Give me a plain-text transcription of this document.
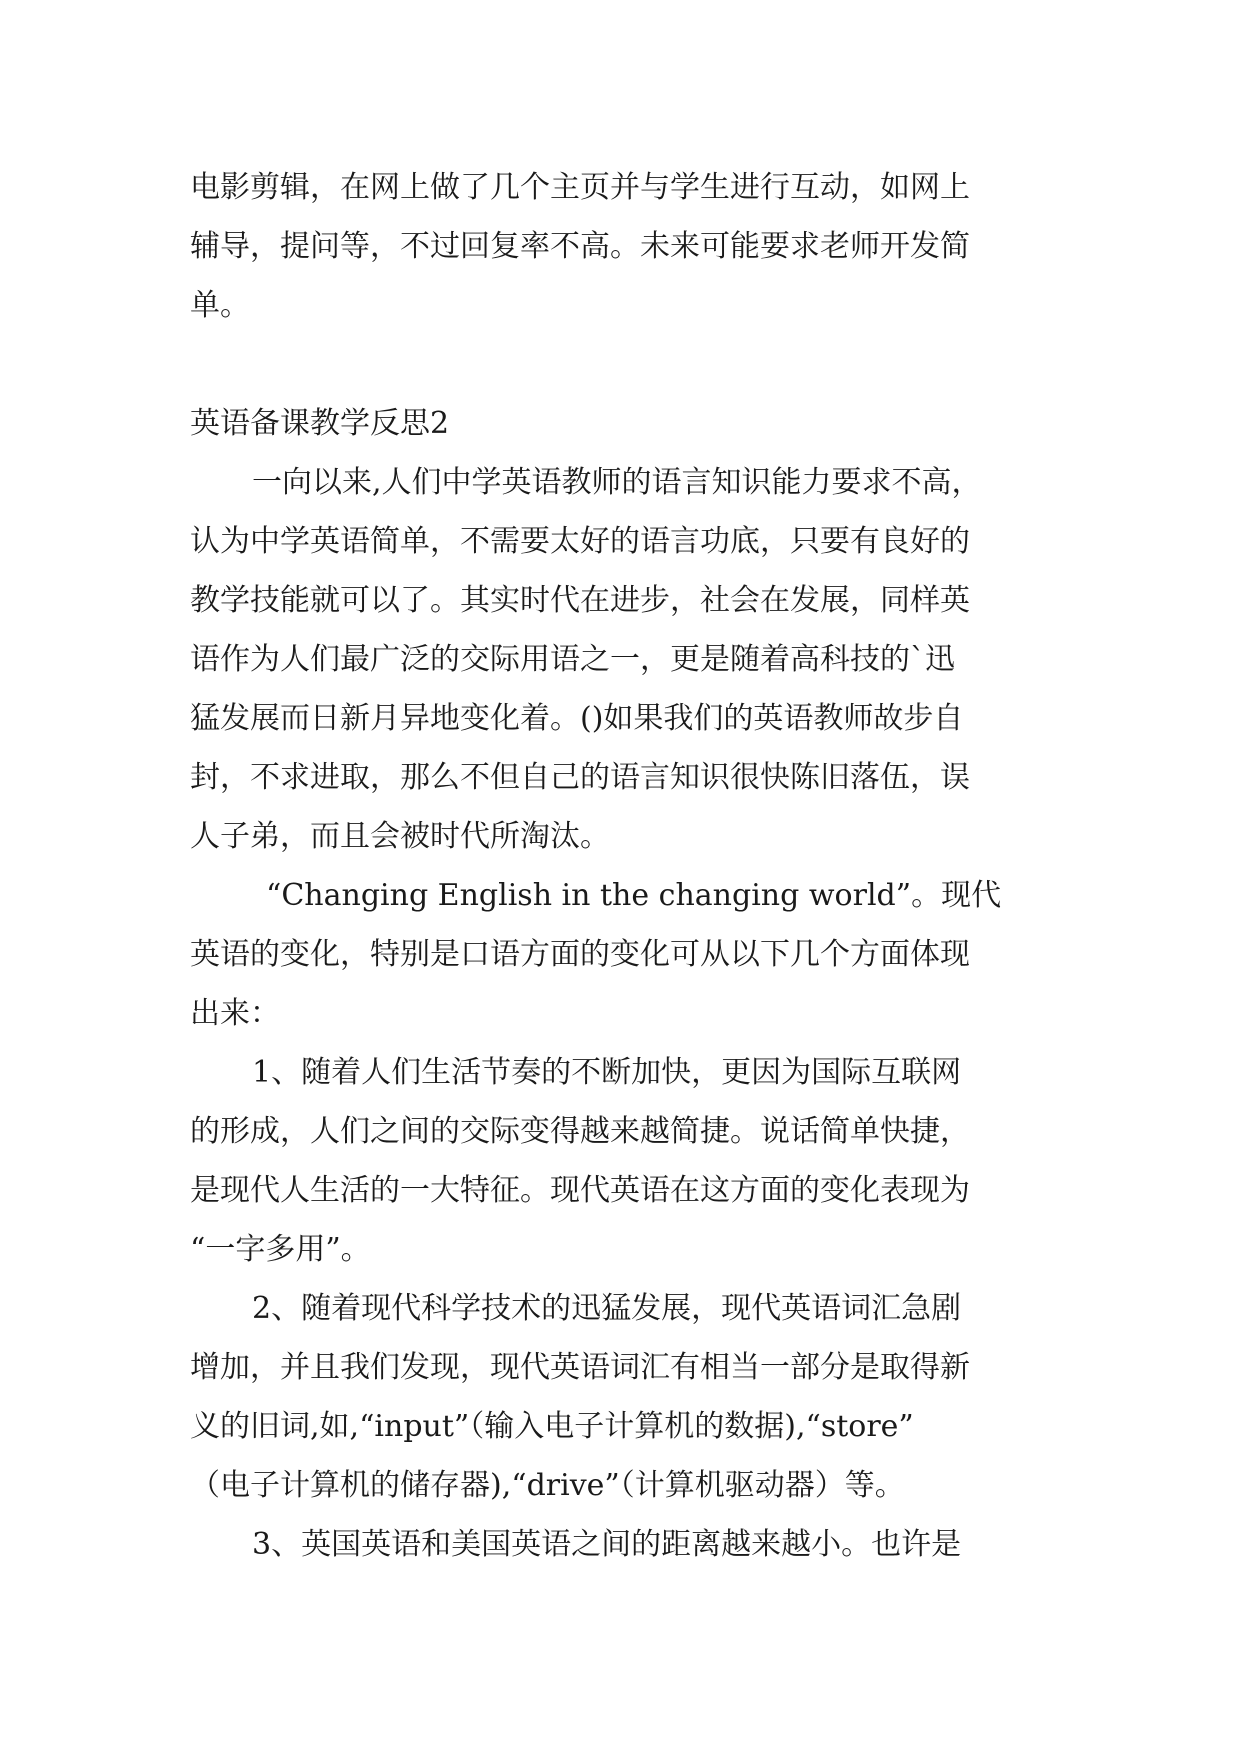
电影剪辑，在网上做了几个主页并与学生进行互动，如网上
辅导，提问等，不过回复率不高。未来可能要求老师开发简
单。
英语备课教学反思2
一向以来,人们中学英语教师的语言知识能力要求不高，
认为中学英语简单，不需要太好的语言功底，只要有良好的
教学技能就可以了。其实时代在进步，社会在发展，同样英
语作为人们最广泛的交际用语之一，更是随着高科技的`迅
猛发展而日新月异地变化着。()如果我们的英语教师故步自
封，不求进取，那么不但自己的语言知识很快陈旧落伍，误
人子弟，而且会被时代所淘汰。
“Changing English in the changing world”。现代
英语的变化，特别是口语方面的变化可从以下几个方面体现
出来：
1、随着人们生活节奏的不断加快，更因为国际互联网
的形成，人们之间的交际变得越来越简捷。说话简单快捷，
是现代人生活的一大特征。现代英语在这方面的变化表现为
“一字多用”。
2、随着现代科学技术的迅猛发展，现代英语词汇急剧
增加，并且我们发现，现代英语词汇有相当一部分是取得新
义的旧词,如,“input”（输入电子计算机的数据),“store”
（电子计算机的储存器),“drive”（计算机驱动器）等。
3、英国英语和美国英语之间的距离越来越小。也许是
